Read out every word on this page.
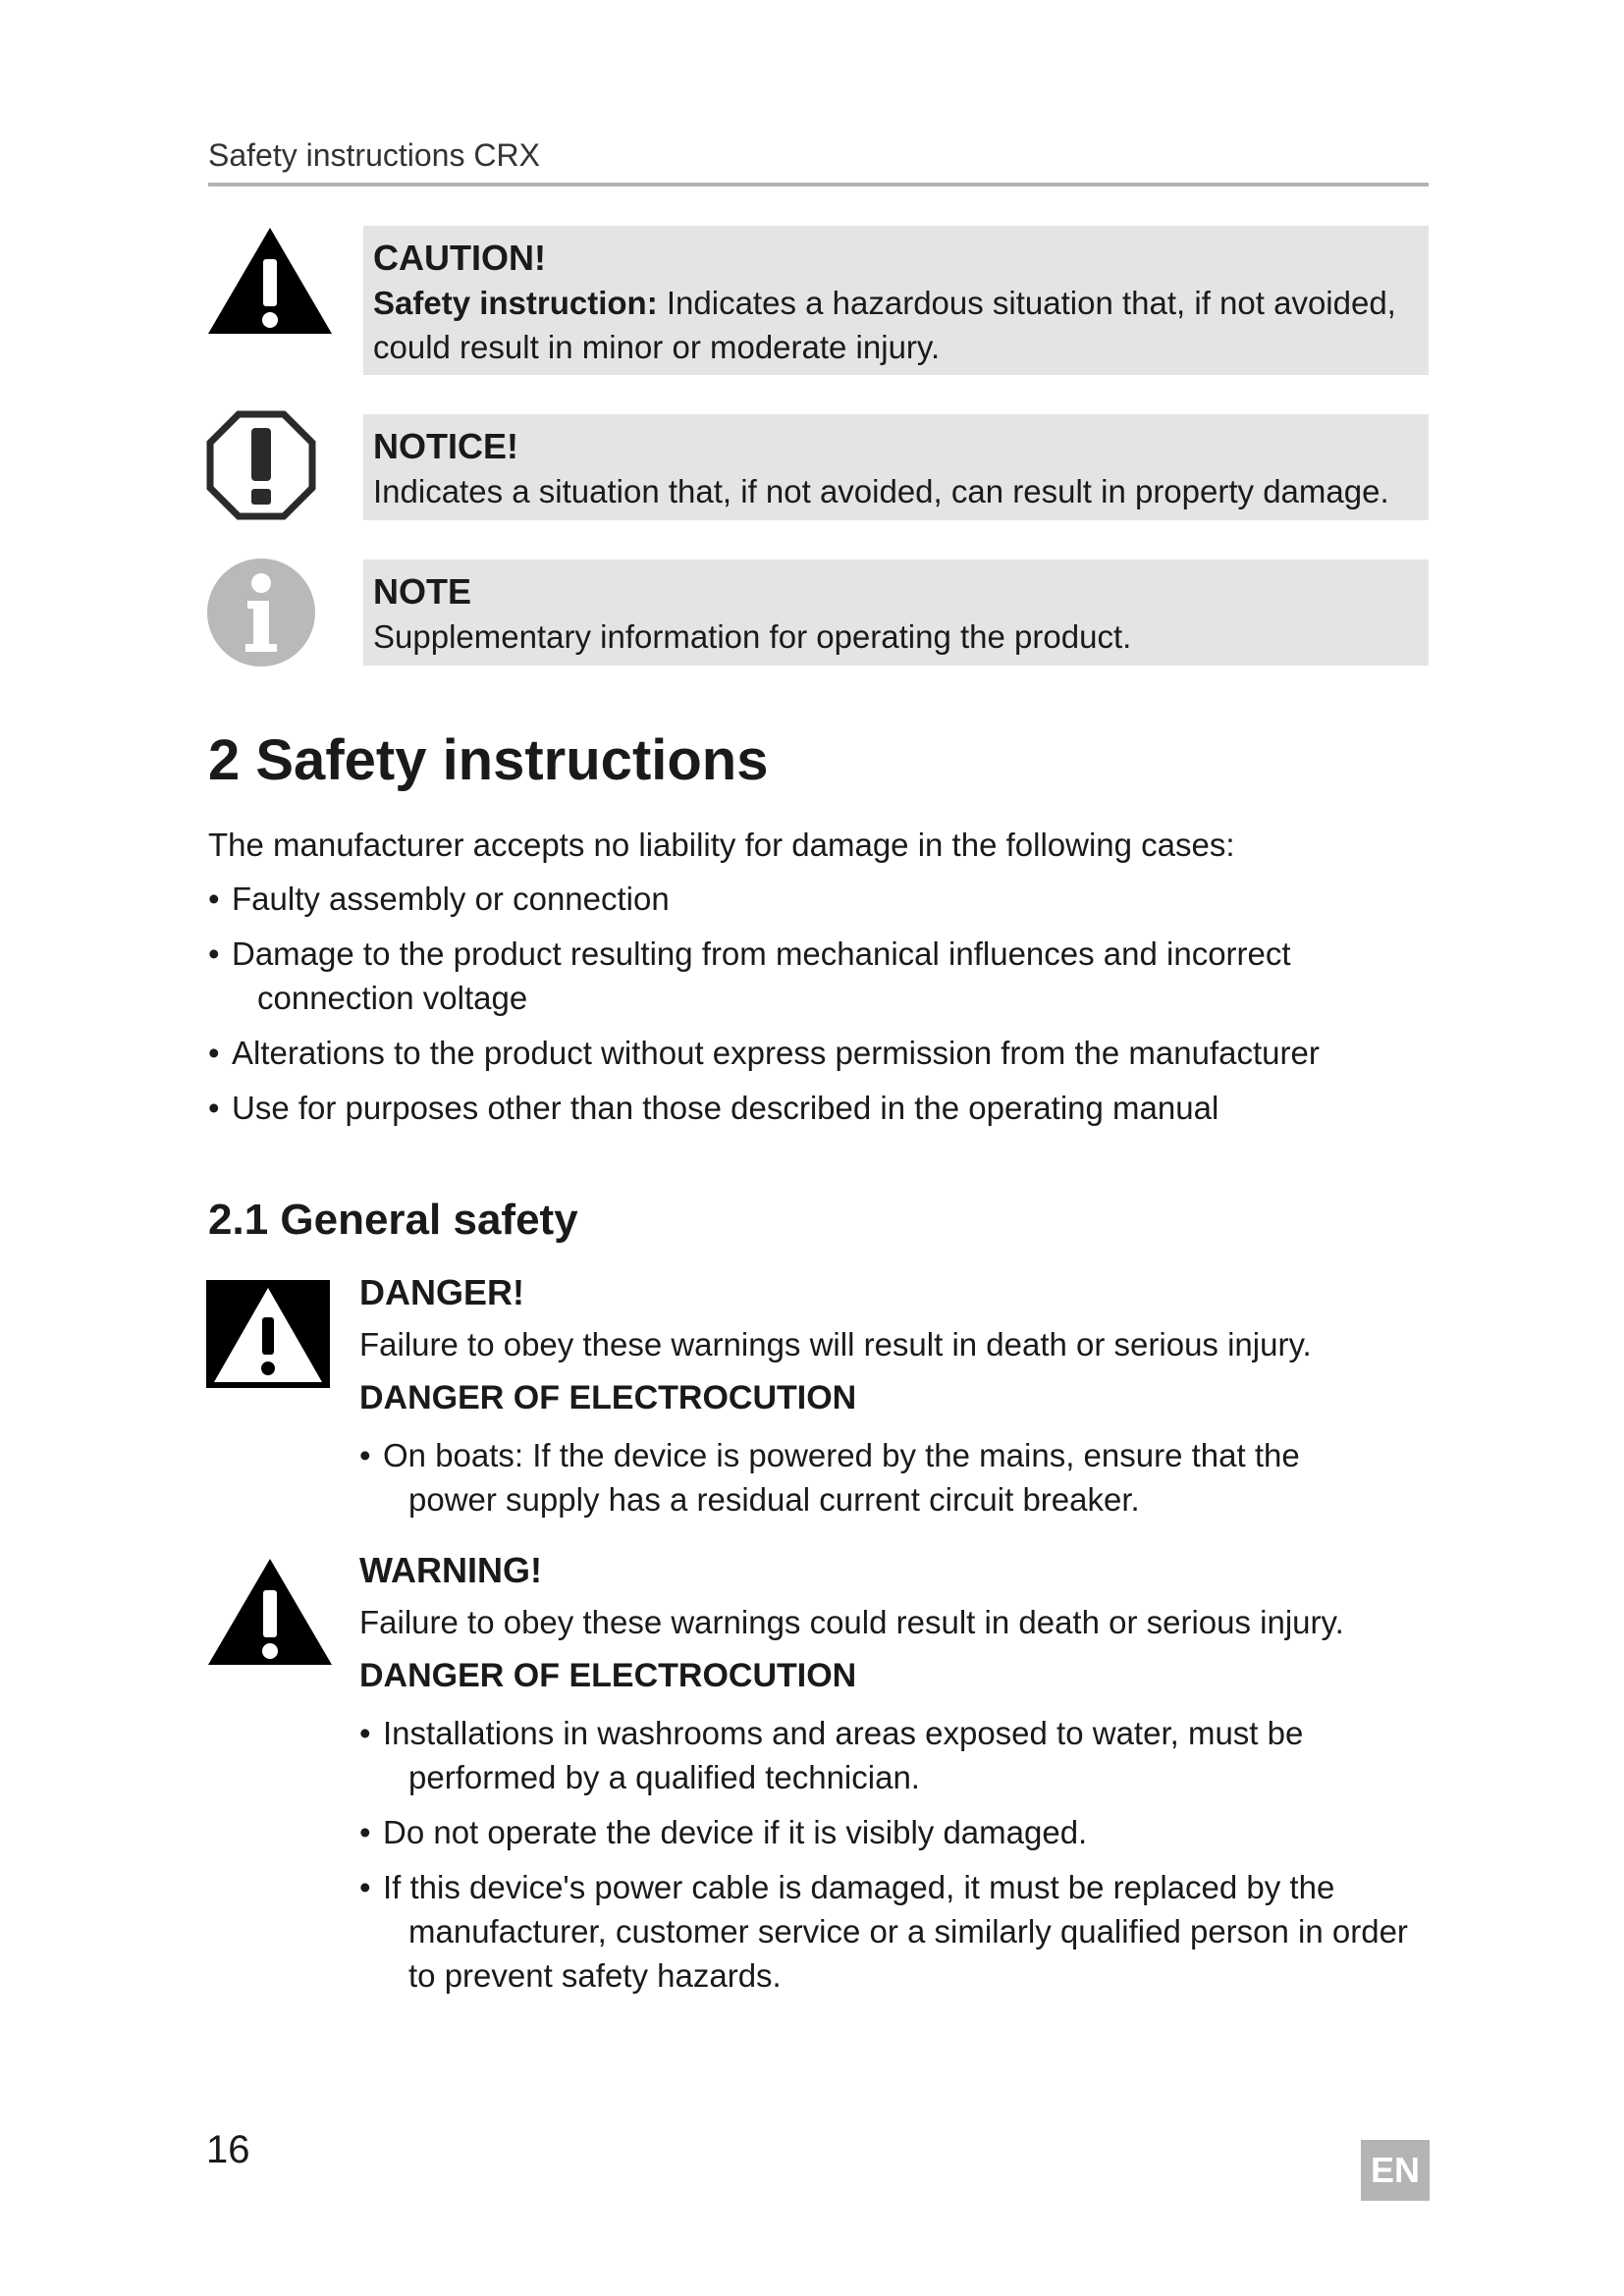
Safety instructions CRX
CAUTION!
Safety instruction: Indicates a hazardous situation that, if not avoided, could result in minor or moderate injury.
NOTICE!
Indicates a situation that, if not avoided, can result in property damage.
NOTE
Supplementary information for operating the product.
2 Safety instructions
The manufacturer accepts no liability for damage in the following cases:
• Faulty assembly or connection
• Damage to the product resulting from mechanical influences and incorrect
connection voltage
• Alterations to the product without express permission from the manufacturer
• Use for purposes other than those described in the operating manual
2.1 General safety
DANGER!
Failure to obey these warnings will result in death or serious injury.
DANGER OF ELECTROCUTION
• On boats: If the device is powered by the mains, ensure that the
power supply has a residual current circuit breaker.
WARNING!
Failure to obey these warnings could result in death or serious injury.
DANGER OF ELECTROCUTION
• Installations in washrooms and areas exposed to water, must be
performed by a qualified technician.
• Do not operate the device if it is visibly damaged.
• If this device's power cable is damaged, it must be replaced by the
manufacturer, customer service or a similarly qualified person in order
to prevent safety hazards.
16	EN
